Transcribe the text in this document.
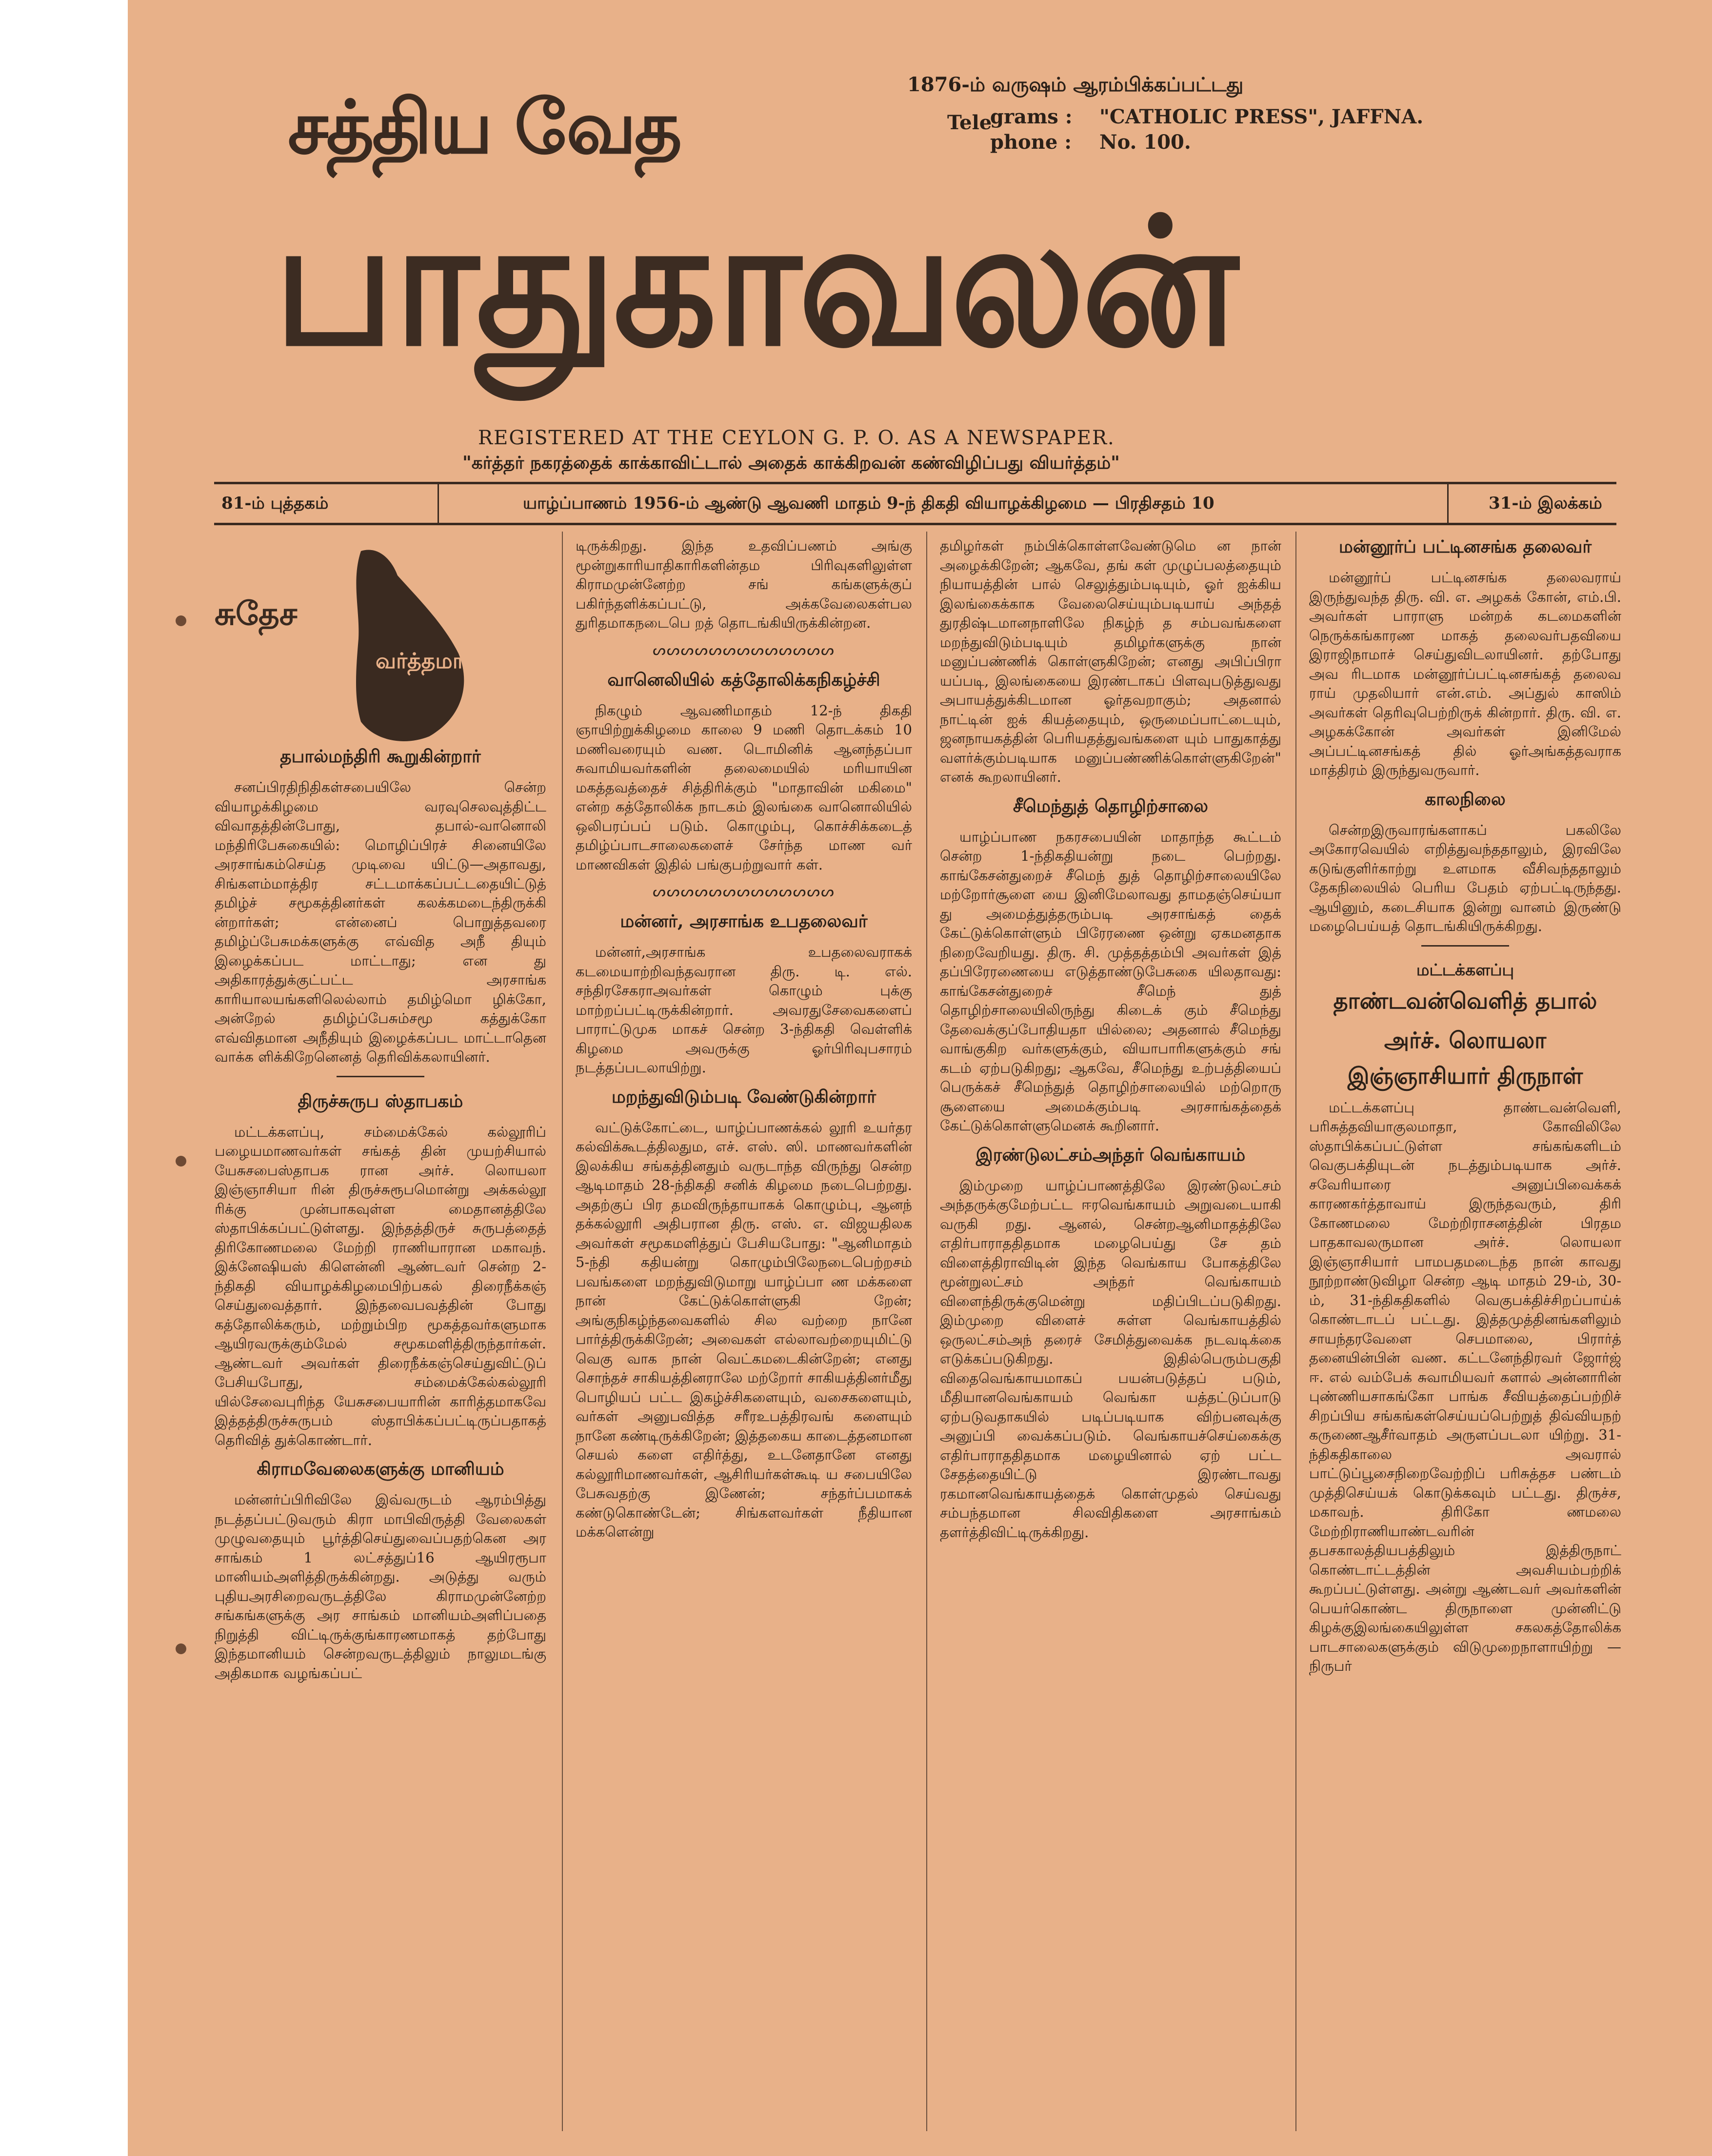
சத்திய வேத
பாதுகாவலன்
1876-ம் வருஷம் ஆரம்பிக்கப்பட்டது
Tele
grams : "CATHOLIC PRESS", JAFFNA.
phone : No. 100.
REGISTERED AT THE CEYLON G. P. O. AS A NEWSPAPER.
"கர்த்தர் நகரத்தைக் காக்காவிட்டால் அதைக் காக்கிறவன் கண்விழிப்பது வியர்த்தம்"
81-ம் புத்தகம்	யாழ்ப்பாணம் 1956-ம் ஆண்டு ஆவணி மாதம் 9-ந் திகதி வியாழக்கிழமை — பிரதிசதம் 10	31-ம் இலக்கம்
சுதேச
வர்த்தமானம்
தபால்மந்திரி கூறுகின்றார்

சனப்பிரதிநிதிகள்சபையிலே சென்ற வியாழக்கிழமை வரவுசெலவுத்திட்ட விவாதத்தின்போது, தபால்-வானொலி மந்திரிபேசுகையில்: மொழிப்பிரச் சினையிலே அரசாங்கம்செய்த முடிவை யிட்டு—அதாவது, சிங்களம்மாத்திர சட்டமாக்கப்பட்டதையிட்டுத் தமிழ்ச் சமூகத்தினர்கள் கலக்கமடைந்திருக்கி ன்றார்கள்; என்னைப் பொறுத்தவரை தமிழ்ப்பேசுமக்களுக்கு எவ்வித அநீ தியும் இழைக்கப்பட மாட்டாது; என து அதிகாரத்துக்குட்பட்ட அரசாங்க காரியாலயங்களிலெல்லாம் தமிழ்மொ ழிக்கோ, அன்றேல் தமிழ்ப்பேசும்சமூ கத்துக்கோ எவ்விதமான அநீதியும் இழைக்கப்பட மாட்டாதென வாக்க ளிக்கிறேனெனத் தெரிவிக்கலாயினர்.

திருச்சுருப ஸ்தாபகம்

மட்டக்களப்பு, சம்மைக்கேல் கல்லூரிப் பழையமாணவர்கள் சங்கத் தின் முயற்சியால் யேசுசபைஸ்தாபக ரான அர்ச். லொயலா இஞ்ஞாசியா ரின் திருச்சுரூபமொன்று அக்கல்லூ ரிக்கு முன்பாகவுள்ள மைதானத்திலே ஸ்தாபிக்கப்பட்டுள்ளது. இந்தத்திருச் சுருபத்தைத் திரிகோணமலை மேற்றி ராணியாரான மகாவந். இக்னேஷியஸ் கிளென்னி ஆண்டவர் சென்ற 2-ந்திகதி வியாழக்கிழமைபிற்பகல் திரைநீக்கஞ் செய்துவைத்தார். இந்தவைபவத்தின் போது கத்தோலிக்கரும், மற்றும்பிற மூகத்தவர்களுமாக ஆயிரவருக்கும்மேல் சமூகமளித்திருந்தார்கள். ஆண்டவர் அவர்கள் திரைநீக்கஞ்செய்துவிட்டுப் பேசியபோது, சம்மைக்கேல்கல்லூரி யில்சேவைபுரிந்த யேசுசபையாரின் காரித்தமாகவே இத்தத்திருச்சுருபம் ஸ்தாபிக்கப்பட்டிருப்பதாகத் தெரிவித் துக்கொண்டார்.

கிராமவேலைகளுக்கு மானியம்

மன்னர்ப்பிரிவிலே இவ்வருடம் ஆரம்பித்து நடத்தப்பட்டுவரும் கிரா மாபிவிருத்தி வேலைகள் முழுவதையும் பூர்த்திசெய்துவைப்பதற்கென அர சாங்கம் 1 லட்சத்துப்16 ஆயிரரூபா மானியம்அளித்திருக்கின்றது. அடுத்து வரும் புதியஅரசிறைவருடத்திலே கிராமமுன்னேற்ற சங்கங்களுக்கு அர சாங்கம் மானியம்அளிப்பதை நிறுத்தி விட்டிருக்குங்காரணமாகத் தற்போது இந்தமானியம் சென்றவருடத்திலும் நாலுமடங்கு அதிகமாக வழங்கப்பட்

டிருக்கிறது. இந்த உதவிப்பணம் அங்கு மூன்றுகாரியாதிகாரிகளின்தம பிரிவுகளிலுள்ள கிராமமுன்னேற்ற சங் கங்களுக்குப் பகிர்ந்தளிக்கப்பட்டு, அக்கவேலைகள்பல துரிதமாகநடைபெ றத் தொடங்கியிருக்கின்றன.

ᔕᔕᔕᔕᔕᔕᔕᔕᔕᔕᔕᔕᔕ
வானெலியில் கத்தோலிக்கநிகழ்ச்சி

நிகழும் ஆவணிமாதம் 12-ந் திகதி ஞாயிற்றுக்கிழமை காலை 9 மணி தொடக்கம் 10 மணிவரையும் வண. டொமினிக் ஆனந்தப்பா சுவாமியவர்களின் தலைமையில் மரியாயின மகத்தவத்தைச் சித்திரிக்கும் "மாதாவின் மகிமை" என்ற கத்தோலிக்க நாடகம் இலங்கை வானொலியில் ஒலிபரப்பப் படும். கொழும்பு, கொச்சிக்கடைத் தமிழ்ப்பாடசாலைகளைச் சேர்ந்த மாண வர் மாணவிகள் இதில் பங்குபற்றுவார் கள்.

ᔕᔕᔕᔕᔕᔕᔕᔕᔕᔕᔕᔕᔕ
மன்னர், அரசாங்க உபதலைவர்

மன்னர்,அரசாங்க உபதலைவராகக் கடமையாற்றிவந்தவரான திரு. டி. எல். சந்திரசேகராஅவர்கள் கொழும் புக்கு மாற்றப்பட்டிருக்கின்றார். அவரதுசேவைகளைப் பாராட்டுமுக மாகச் சென்ற 3-ந்திகதி வெள்ளிக் கிழமை அவருக்கு ஓர்பிரிவுபசாரம் நடத்தப்படலாயிற்று.

மறந்துவிடும்படி வேண்டுகின்றார்

வட்டுக்கோட்டை, யாழ்ப்பாணக்கல் லூரி உயர்தர கல்விக்கூடத்திலதும, எச். எஸ். ஸி. மாணவர்களின் இலக்கிய சங்கத்தினதும் வருடாந்த விருந்து சென்ற ஆடிமாதம் 28-ந்திகதி சனிக் கிழமை நடைபெற்றது. அதற்குப் பிர தமவிருந்தாயாகக் கொழும்பு, ஆனந் தக்கல்லூரி அதிபரான திரு. எஸ். எ. விஜயதிலக அவர்கள் சமூகமளித்துப் பேசியபோது: "ஆனிமாதம் 5-ந்தி கதியன்று கொழும்பிலேநடைபெற்றசம் பவங்களை மறந்துவிடுமாறு யாழ்ப்பா ண மக்களை நான் கேட்டுக்கொள்ளுகி றேன்; அங்குநிகழ்ந்தவைகளில் சில வற்றை நானே பார்த்திருக்கிறேன்; அவைகள் எல்லாவற்றையுமிட்டு வெகு வாக நான் வெட்கமடைகின்றேன்; எனது சொந்தச் சாகியத்தினராலே மற்றோர் சாகியத்தினர்மீது பொழியப் பட்ட இகழ்ச்சிகளையும், வசைகளையும், வர்கள் அனுபவித்த சரீரஉபத்திரவங் களையும் நானே கண்டிருக்கிறேன்; இத்தகைய காடைத்தனமான செயல் களை எதிர்த்து, உடனேதானே எனது கல்லூரிமாணவர்கள், ஆசிரியர்கள்கூடி ய சபையிலே பேசுவதற்கு இணேன்; சந்தர்ப்பமாகக் கண்டுகொண்டேன்; சிங்களவர்கள் நீதியான மக்களென்று

தமிழர்கள் நம்பிக்கொள்ளவேண்டுமெ ன நான் அழைக்கிறேன்; ஆகவே, தங் கள் முழுப்பலத்தையும் நியாயத்தின் பால் செலுத்தும்படியும், ஓர் ஐக்கிய இலங்கைக்காக வேலைசெய்யும்படியாய் அந்தத் துரதிஷ்டமானநாளிலே நிகழ்ந் த சம்பவங்களை மறந்துவிடும்படியும் தமிழர்களுக்கு நான் மனுப்பண்ணிக் கொள்ளுகிறேன்; எனது அபிப்பிரா யப்படி, இலங்கையை இரண்டாகப் பிளவுபடுத்துவது அபாயத்துக்கிடமான ஓர்தவறாகும்; அதனால் நாட்டின் ஐக் கியத்தையும், ஒருமைப்பாட்டையும், ஜனநாயகத்தின் பெரியதத்துவங்களை யும் பாதுகாத்து வளர்க்கும்படியாக மனுப்பண்ணிக்கொள்ளுகிறேன்" எனக் கூறலாயினர்.

சீமெந்துத் தொழிற்சாலை

யாழ்ப்பாண நகரசபையின் மாதாந்த கூட்டம் சென்ற 1-ந்திகதியன்று நடை பெற்றது. காங்கேசன்துறைச் சீமெந் துத் தொழிற்சாலையிலே மற்றோர்சூளை யை இனிமேலாவது தாமதஞ்செய்யா து அமைத்துத்தரும்படி அரசாங்கத் தைக் கேட்டுக்கொள்ளும் பிரேரணை ஒன்று ஏகமனதாக நிறைவேறியது. திரு. சி. முத்தத்தம்பி அவர்கள் இத் தப்பிரேரணையை எடுத்தாண்டுபேசுகை யிலதாவது: காங்கேசன்துறைச் சீமெந் துத் தொழிற்சாலையிலிருந்து கிடைக் கும் சீமெந்து தேவைக்குப்போதியதா யில்லை; அதனால் சீமெந்து வாங்குகிற வர்களுக்கும், வியாபாரிகளுக்கும் சங் கடம் ஏற்படுகிறது; ஆகவே, சீமெந்து உற்பத்தியைப் பெருக்கச் சீமெந்துத் தொழிற்சாலையில் மற்றொரு சூளையை அமைக்கும்படி அரசாங்கத்தைக் கேட்டுக்கொள்ளுமெனக் கூறினார்.

இரண்டுலட்சம்அந்தர் வெங்காயம்

இம்முறை யாழ்ப்பாணத்திலே இரண்டுலட்சம் அந்தருக்குமேற்பட்ட ஈரவெங்காயம் அறுவடையாகி வருகி றது. ஆனல், சென்றஆனிமாதத்திலே எதிர்பாராததிதமாக மழைபெய்து சே தம் விளைத்திராவிடின் இந்த வெங்காய போகத்திலே மூன்றுலட்சம் அந்தர் வெங்காயம் விளைந்திருக்குமென்று மதிப்பிடப்படுகிறது. இம்முறை விளைச் சுள்ள வெங்காயத்தில் ஒருலட்சம்அந் தரைச் சேமித்துவைக்க நடவடிக்கை எடுக்கப்படுகிறது. இதில்பெரும்பகுதி விதைவெங்காயமாகப் பயன்படுத்தப் படும், மீதியானவெங்காயம் வெங்கா யத்தட்டுப்பாடு ஏற்படுவதாகயில் படிப்படியாக விற்பனவுக்கு அனுப்பி வைக்கப்படும். வெங்காயச்செய்கைக்கு எதிர்பாராததிதமாக மழையினால் ஏற் பட்ட சேதத்தையிட்டு இரண்டாவது ரகமானவெங்காயத்தைக் கொள்முதல் செய்வது சம்பந்தமான சிலவிதிகளை அரசாங்கம் தளர்த்திவிட்டிருக்கிறது.

மன்னூர்ப் பட்டினசங்க தலைவர்

மன்னூர்ப் பட்டினசங்க தலைவராய் இருந்துவந்த திரு. வி. எ. அழகக் கோன், எம்.பி. அவர்கள் பாராளு மன்றக் கடமைகளின் நெருக்கங்காரண மாகத் தலைவர்பதவியை இராஜிநாமாச் செய்துவிடலாயினர். தற்போது அவ ரிடமாக மன்னூர்ப்பட்டினசங்கத் தலைவ ராய் முதலியார் என்.எம். அப்துல் காஸிம் அவர்கள் தெரிவுபெற்றிருக் கின்றார். திரு. வி. எ. அழகக்கோன் அவர்கள் இனிமேல் அப்பட்டினசங்கத் தில் ஓர்அங்கத்தவராக மாத்திரம் இருந்துவருவார்.

காலநிலை

சென்றஇருவாரங்களாகப் பகலிலே அகோரவெயில் எறித்துவந்ததாலும், இரவிலே கடுங்குளிர்காற்று உளமாக வீசிவந்ததாலும் தேகநிலையில் பெரிய பேதம் ஏற்பட்டிருந்தது. ஆயினும், கடைசியாக இன்று வானம் இருண்டு மழைபெய்யத் தொடங்கியிருக்கிறது.

மட்டக்களப்பு
தாண்டவன்வெளித் தபால்
அர்ச். லொயலா
இஞ்ஞாசியார் திருநாள்

மட்டக்களப்பு தாண்டவன்வெளி, பரிசுத்தவியாகுலமாதா, கோவிலிலே ஸ்தாபிக்கப்பட்டுள்ள சங்கங்களிடம் வெகுபக்தியுடன் நடத்தும்படியாக அர்ச். சவேரியாரை அனுப்பிவைக்கக் காரணகர்த்தாவாய் இருந்தவரும், திரி கோணமலை மேற்றிராசனத்தின் பிரதம பாதகாவலருமான அர்ச். லொயலா இஞ்ஞாசியார் பாமபதமடைந்த நான் காவது நூற்றாண்டுவிழா சென்ற ஆடி மாதம் 29-ம், 30-ம், 31-ந்திகதிகளில் வெகுபக்திச்சிறப்பாய்க் கொண்டாடப் பட்டது. இத்தமுத்தினங்களிலும் சாயந்தரவேளை செபமாலை, பிரார்த் தனையின்பின் வண. கட்டனேந்திரவர் ஜோர்ஜ் ஈ. எல் வம்பேக் சுவாமியவர் களால் அன்னாரின் புண்ணியசாகங்கோ பாங்க சீவியத்தைப்பற்றிச் சிறப்பிய சங்கங்கள்செய்யப்பெற்றுத் திவ்வியநற் கருணைஆசீர்வாதம் அருளப்படலா யிற்று. 31-ந்திகதிகாலை அவரால் பாட்டுப்பூசைநிறைவேற்றிப் பரிசுத்தச பண்டம் முத்திசெய்யக் கொடுக்கவும் பட்டது. திருச்ச, மகாவந். திரிகோ ணமலை மேற்றிராணியாண்டவரின் தபசகாலத்தியபத்திலும் இத்திருநாட் கொண்டாட்டத்தின் அவசியம்பற்றிக் கூறப்பட்டுள்ளது. அன்று ஆண்டவர் அவர்களின் பெயர்கொண்ட திருநாளை முன்னிட்டு கிழக்குஇலங்கையிலுள்ள சகலகத்தோலிக்க பாடசாலைகளுக்கும் விடுமுறைநாளாயிற்று — நிருபர்
